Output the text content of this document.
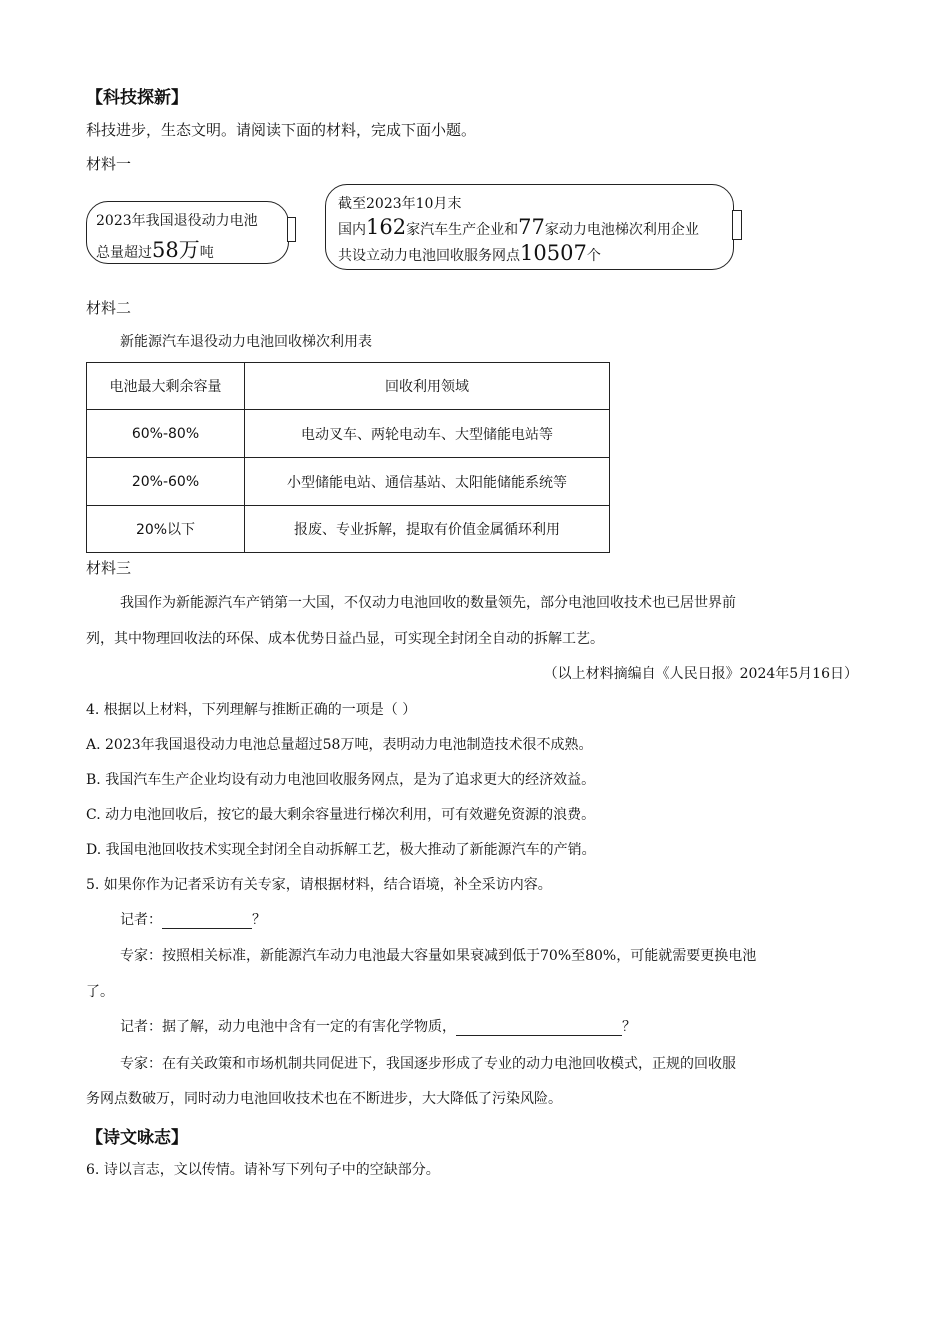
【科技探新】
科技进步，生态文明。请阅读下面的材料，完成下面小题。
材料一
2023年我国退役动力电池
总量超过58万吨
截至2023年10月末
国内162家汽车生产企业和77家动力电池梯次利用企业
共设立动力电池回收服务网点10507个
材料二
新能源汽车退役动力电池回收梯次利用表
电池最大剩余容量	回收利用领域
60%-80%	电动叉车、两轮电动车、大型储能电站等
20%-60%	小型储能电站、通信基站、太阳能储能系统等
20%以下	报废、专业拆解，提取有价值金属循环利用
材料三
我国作为新能源汽车产销第一大国，不仅动力电池回收的数量领先，部分电池回收技术也已居世界前
列，其中物理回收法的环保、成本优势日益凸显，可实现全封闭全自动的拆解工艺。
（以上材料摘编自《人民日报》2024年5月16日）
4. 根据以上材料，下列理解与推断正确的一项是（ ）
A. 2023年我国退役动力电池总量超过58万吨，表明动力电池制造技术很不成熟。
B. 我国汽车生产企业均设有动力电池回收服务网点，是为了追求更大的经济效益。
C. 动力电池回收后，按它的最大剩余容量进行梯次利用，可有效避免资源的浪费。
D. 我国电池回收技术实现全封闭全自动拆解工艺，极大推动了新能源汽车的产销。
5. 如果你作为记者采访有关专家，请根据材料，结合语境，补全采访内容。
记者：	？
专家：按照相关标准，新能源汽车动力电池最大容量如果衰减到低于70%至80%，可能就需要更换电池
了。
记者：据了解，动力电池中含有一定的有害化学物质，	？
专家：在有关政策和市场机制共同促进下，我国逐步形成了专业的动力电池回收模式，正规的回收服
务网点数破万，同时动力电池回收技术也在不断进步，大大降低了污染风险。
【诗文咏志】
6. 诗以言志，文以传情。请补写下列句子中的空缺部分。
